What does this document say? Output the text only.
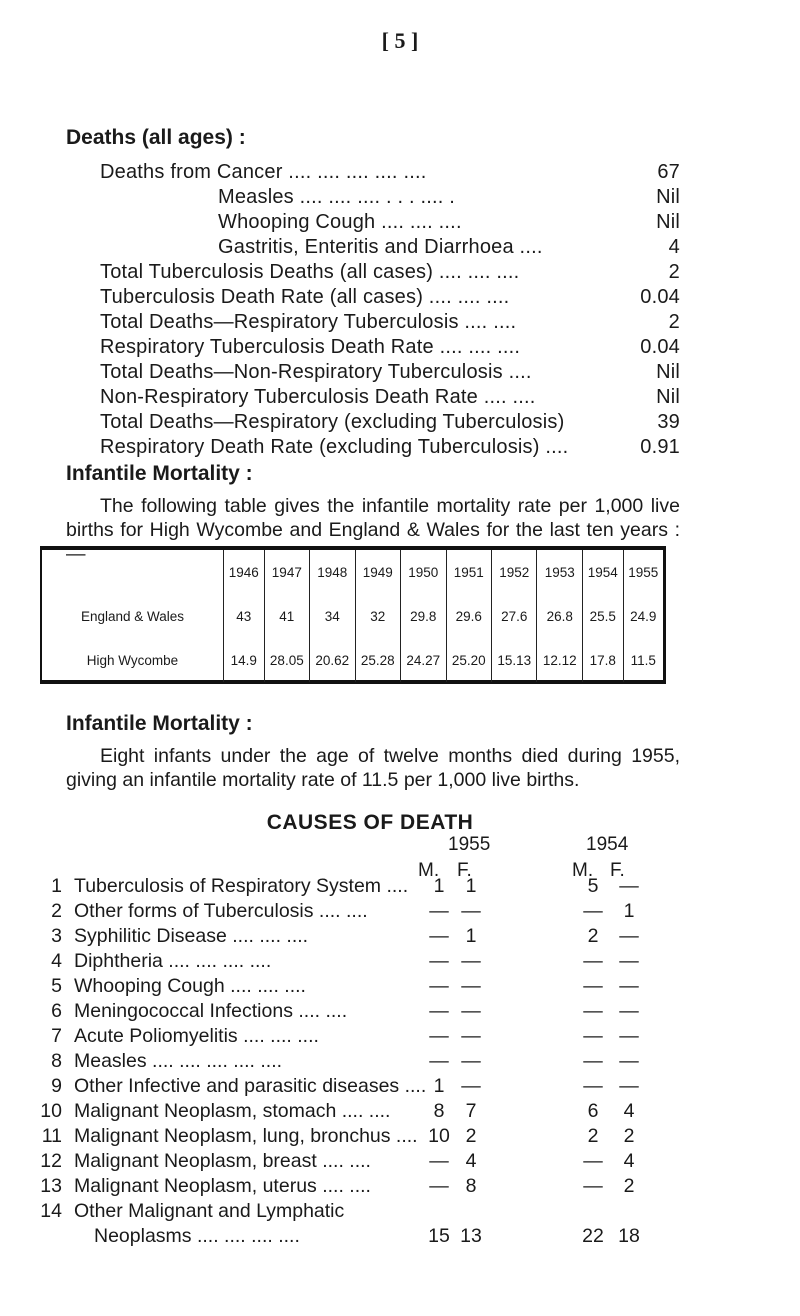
[ 5 ]
Deaths (all ages) :
Deaths from Cancer .... .... .... .... ....	67
Measles .... .... .... . . . .... .	Nil
Whooping Cough .... .... ....	Nil
Gastritis, Enteritis and Diarrhoea ....	4
Total Tuberculosis Deaths (all cases) .... .... ....	2
Tuberculosis Death Rate (all cases) .... .... ....	0.04
Total Deaths—Respiratory Tuberculosis .... ....	2
Respiratory Tuberculosis Death Rate .... .... ....	0.04
Total Deaths—Non-Respiratory Tuberculosis ....	Nil
Non-Respiratory Tuberculosis Death Rate .... ....	Nil
Total Deaths—Respiratory (excluding Tuberculosis)	39
Respiratory Death Rate (excluding Tuberculosis) ....	0.91
Infantile Mortality :
The following table gives the infantile mortality rate per 1,000 live births for High Wycombe and England & Wales for the last ten years :—
	1946	1947	1948	1949	1950	1951	1952	1953	1954	1955
England & Wales	43	41	34	32	29.8	29.6	27.6	26.8	25.5	24.9
High Wycombe	14.9	28.05	20.62	25.28	24.27	25.20	15.13	12.12	17.8	11.5
Infantile Mortality :
Eight infants under the age of twelve months died during 1955, giving an infantile mortality rate of 11.5 per 1,000 live births.
CAUSES OF DEATH
1955	1954
M. F.	M. F.
1 Tuberculosis of Respiratory System ....	1	1	5	—
2 Other forms of Tuberculosis .... ....	— —	—	1
3 Syphilitic Disease .... .... ....	— 1	2	—
4 Diphtheria .... .... .... ....	— —	— —
5 Whooping Cough .... .... ....	— —	— —
6 Meningococcal Infections .... ....	— —	— —
7 Acute Poliomyelitis .... .... ....	— —	— —
8 Measles .... .... .... .... ....	— —	— —
9 Other Infective and parasitic diseases .... 1 —	— —
10 Malignant Neoplasm, stomach .... ....	8	7	6	4
11 Malignant Neoplasm, lung, bronchus .... 10 2	2	2
12 Malignant Neoplasm, breast .... ....	— 4	—	4
13 Malignant Neoplasm, uterus .... ....	— 8	—	2
14 Other Malignant and Lymphatic
Neoplasms .... .... .... ....	15 13	22 18
